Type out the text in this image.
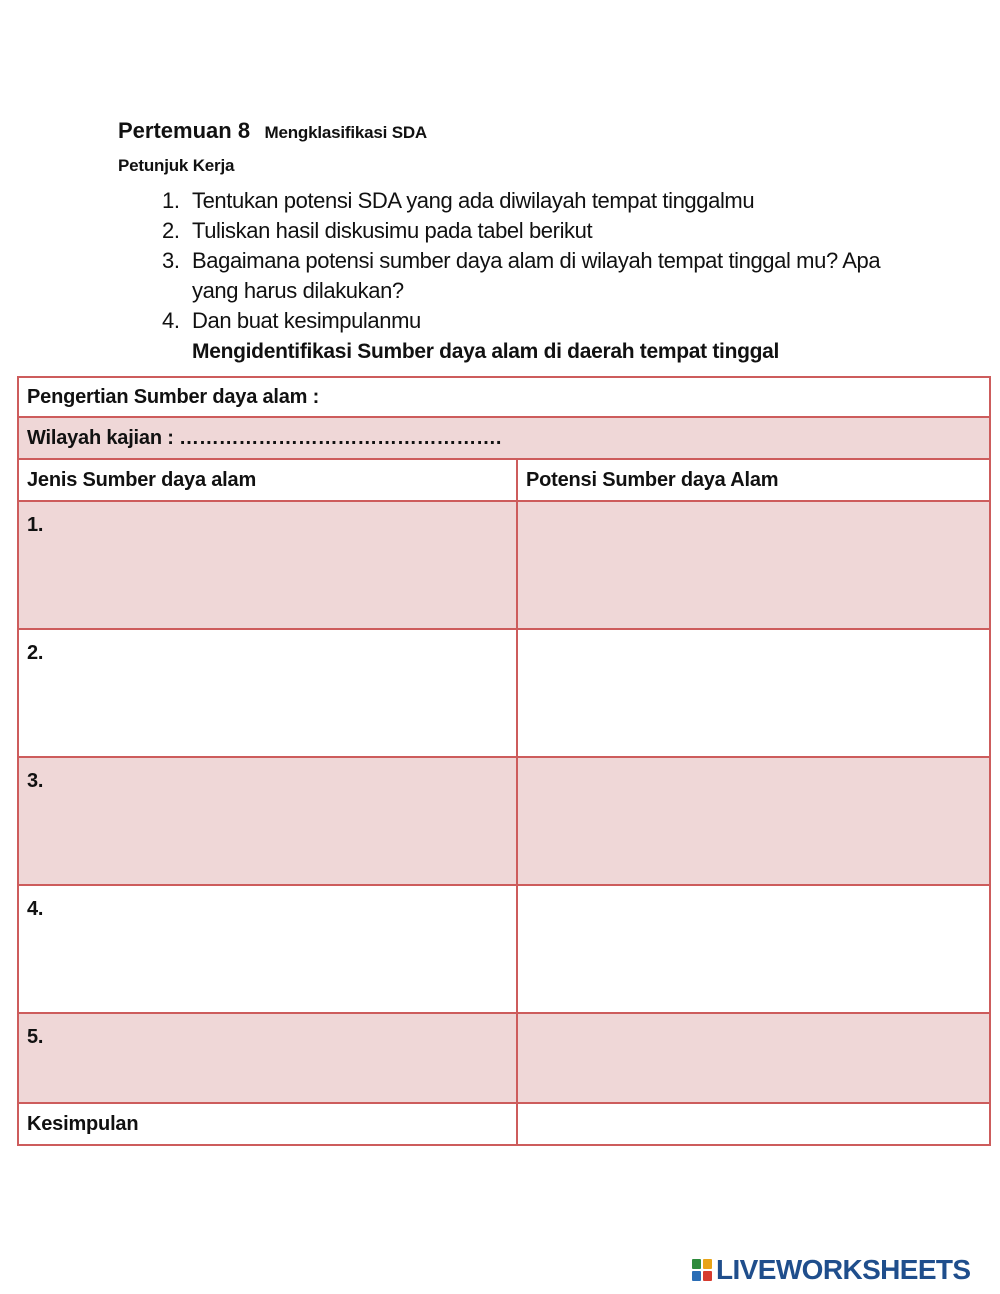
Pertemuan 8 Mengklasifikasi SDA
Petunjuk Kerja
1. Tentukan potensi SDA yang ada diwilayah tempat tinggalmu
2. Tuliskan hasil diskusimu pada tabel berikut
3. Bagaimana potensi sumber daya alam di wilayah tempat tinggal mu? Apa yang harus dilakukan?
4. Dan buat kesimpulanmu
Mengidentifikasi Sumber daya alam di daerah tempat tinggal
Pengertian Sumber daya alam :	
Wilayah kajian : ………………………………………….	
Jenis Sumber daya alam	Potensi Sumber daya Alam
1.	
2.	
3.	
4.	
5.	
Kesimpulan	
LIVEWORKSHEETS
